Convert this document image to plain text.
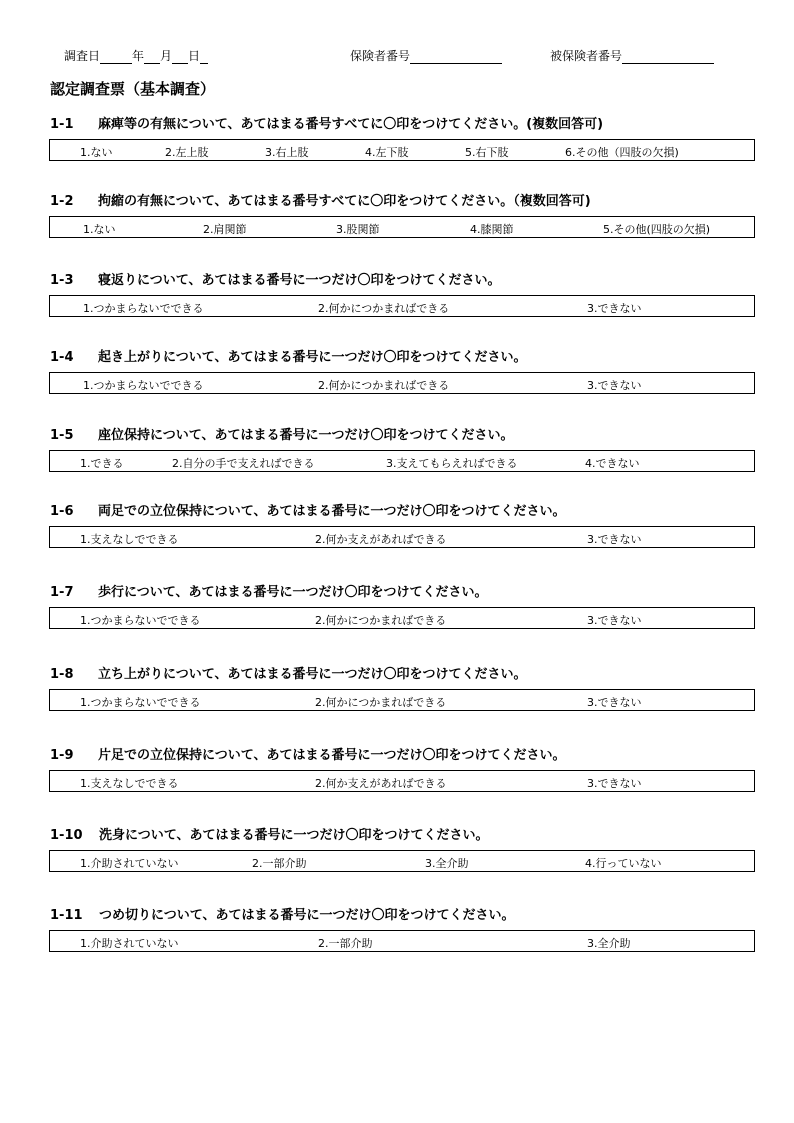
調査日	年 月 日	保険者番号	被保険者番号
認定調査票（基本調査）
1-1 麻痺等の有無について、あてはまる番号すべてに〇印をつけてください。(複数回答可)
1.ない	2.左上肢	3.右上肢	4.左下肢	5.右下肢	6.その他（四肢の欠損)
1-2 拘縮の有無について、あてはまる番号すべてに〇印をつけてください。（複数回答可)
1.ない	2.肩関節	3.股関節	4.膝関節	5.その他(四肢の欠損)
1-3 寝返りについて、あてはまる番号に一つだけ〇印をつけてください。
1.つかまらないでできる	2.何かにつかまればできる	3.できない
1-4 起き上がりについて、あてはまる番号に一つだけ〇印をつけてください。
1.つかまらないでできる	2.何かにつかまればできる	3.できない
1-5 座位保持について、あてはまる番号に一つだけ〇印をつけてください。
1.できる	2.自分の手で支えればできる	3.支えてもらえればできる	4.できない
1-6 両足での立位保持について、あてはまる番号に一つだけ〇印をつけてください。
1.支えなしでできる	2.何か支えがあればできる	3.できない
1-7 歩行について、あてはまる番号に一つだけ〇印をつけてください。
1.つかまらないでできる	2.何かにつかまればできる	3.できない
1-8 立ち上がりについて、あてはまる番号に一つだけ〇印をつけてください。
1.つかまらないでできる	2.何かにつかまればできる	3.できない
1-9 片足での立位保持について、あてはまる番号に一つだけ〇印をつけてください。
1.支えなしでできる	2.何か支えがあればできる	3.できない
1-10 洗身について、あてはまる番号に一つだけ〇印をつけてください。
1.介助されていない	2.一部介助	3.全介助	4.行っていない
1-11 つめ切りについて、あてはまる番号に一つだけ〇印をつけてください。
1.介助されていない	2.一部介助	3.全介助
